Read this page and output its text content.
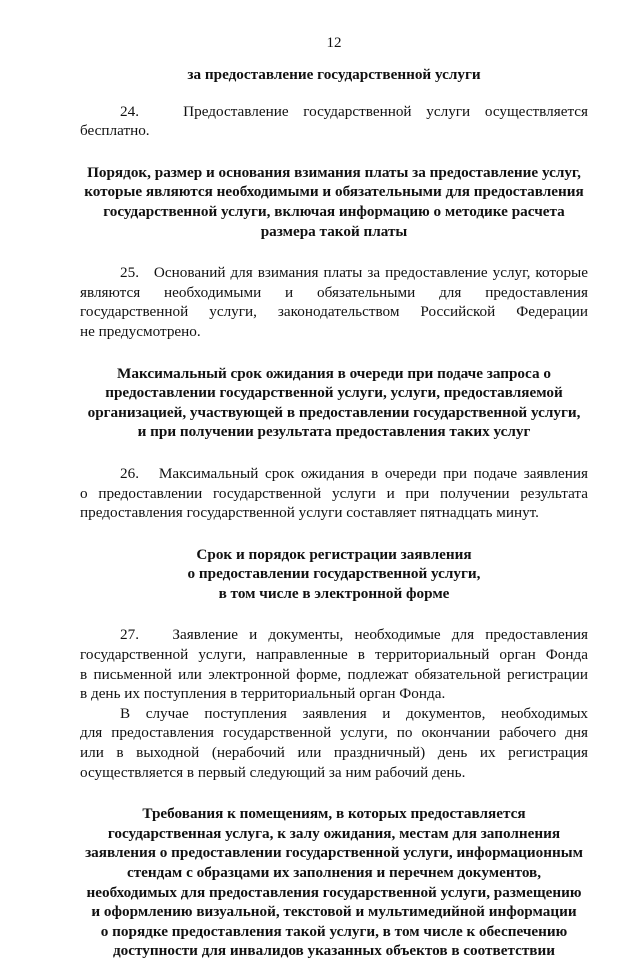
12
за предоставление государственной услуги
24.   Предоставление государственной услуги осуществляется
бесплатно.
Порядок, размер и основания взимания платы за предоставление услуг,
которые являются необходимыми и обязательными для предоставления
государственной услуги, включая информацию о методике расчета
размера такой платы
25.   Оснований для взимания платы за предоставление услуг, которые
являются необходимыми и обязательными для предоставления
государственной услуги, законодательством Российской Федерации
не предусмотрено.
Максимальный срок ожидания в очереди при подаче запроса о
предоставлении государственной услуги, услуги, предоставляемой
организацией, участвующей в предоставлении государственной услуги,
и при получении результата предоставления таких услуг
26.   Максимальный срок ожидания в очереди при подаче заявления
о предоставлении государственной услуги и при получении результата
предоставления государственной услуги составляет пятнадцать минут.
Срок и порядок регистрации заявления
о предоставлении государственной услуги,
в том числе в электронной форме
27.   Заявление и документы, необходимые для предоставления
государственной услуги, направленные в территориальный орган Фонда
в письменной или электронной форме, подлежат обязательной регистрации
в день их поступления в территориальный орган Фонда.
В случае поступления заявления и документов, необходимых
для предоставления государственной услуги, по окончании рабочего дня
или в выходной (нерабочий или праздничный) день их регистрация
осуществляется в первый следующий за ним рабочий день.
Требования к помещениям, в которых предоставляется
государственная услуга, к залу ожидания, местам для заполнения
заявления о предоставлении государственной услуги, информационным
стендам с образцами их заполнения и перечнем документов,
необходимых для предоставления государственной услуги, размещению
и оформлению визуальной, текстовой и мультимедийной информации
о порядке предоставления такой услуги, в том числе к обеспечению
доступности для инвалидов указанных объектов в соответствии
